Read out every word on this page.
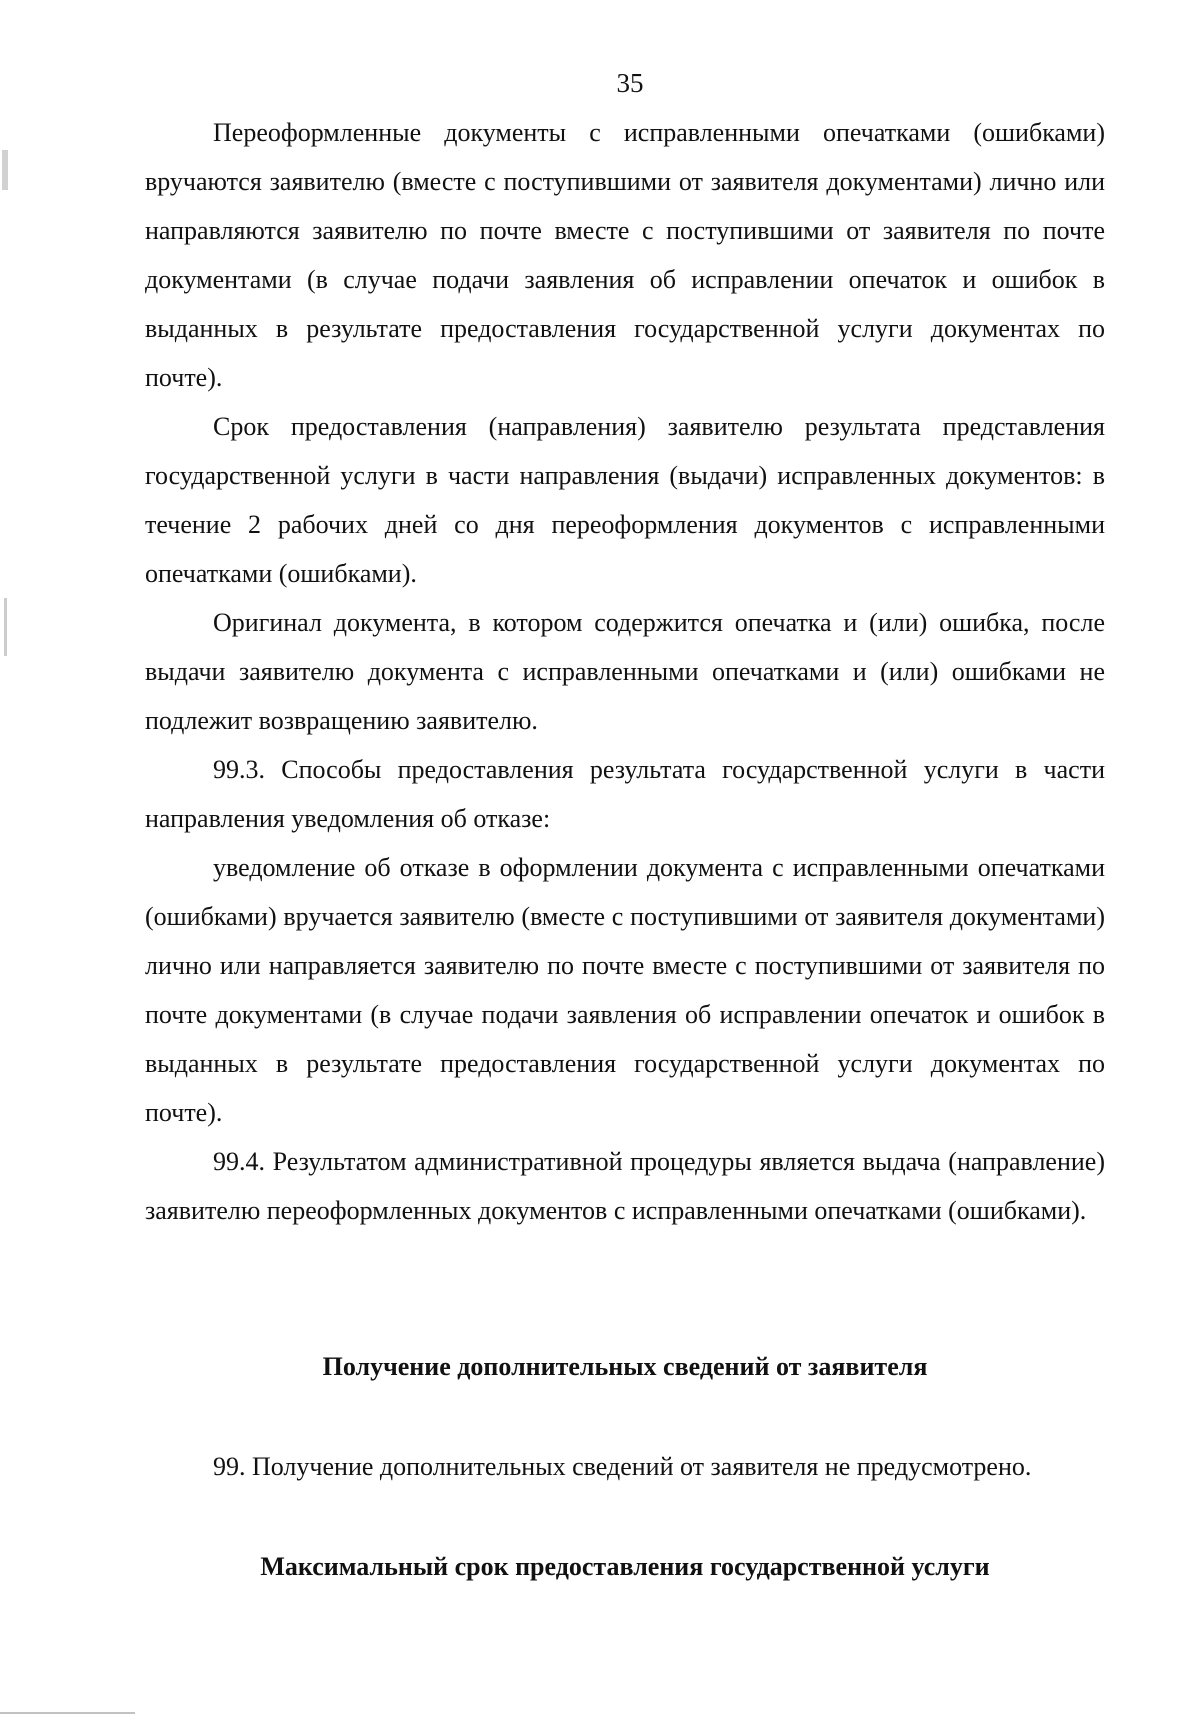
35

Переоформленные документы с исправленными опечатками (ошибками) вручаются заявителю (вместе с поступившими от заявителя документами) лично или направляются заявителю по почте вместе с поступившими от заявителя по почте документами (в случае подачи заявления об исправлении опечаток и ошибок в выданных в результате предоставления государственной услуги документах по почте).

Срок предоставления (направления) заявителю результата представления государственной услуги в части направления (выдачи) исправленных документов: в течение 2 рабочих дней со дня переоформления документов с исправленными опечатками (ошибками).

Оригинал документа, в котором содержится опечатка и (или) ошибка, после выдачи заявителю документа с исправленными опечатками и (или) ошибками не подлежит возвращению заявителю.

99.3. Способы предоставления результата государственной услуги в части направления уведомления об отказе:

уведомление об отказе в оформлении документа с исправленными опечатками (ошибками) вручается заявителю (вместе с поступившими от заявителя документами) лично или направляется заявителю по почте вместе с поступившими от заявителя по почте документами (в случае подачи заявления об исправлении опечаток и ошибок в выданных в результате предоставления государственной услуги документах по почте).

99.4. Результатом административной процедуры является выдача (направление) заявителю переоформленных документов с исправленными опечатками (ошибками).

Получение дополнительных сведений от заявителя
99. Получение дополнительных сведений от заявителя не предусмотрено.
Максимальный срок предоставления государственной услуги
